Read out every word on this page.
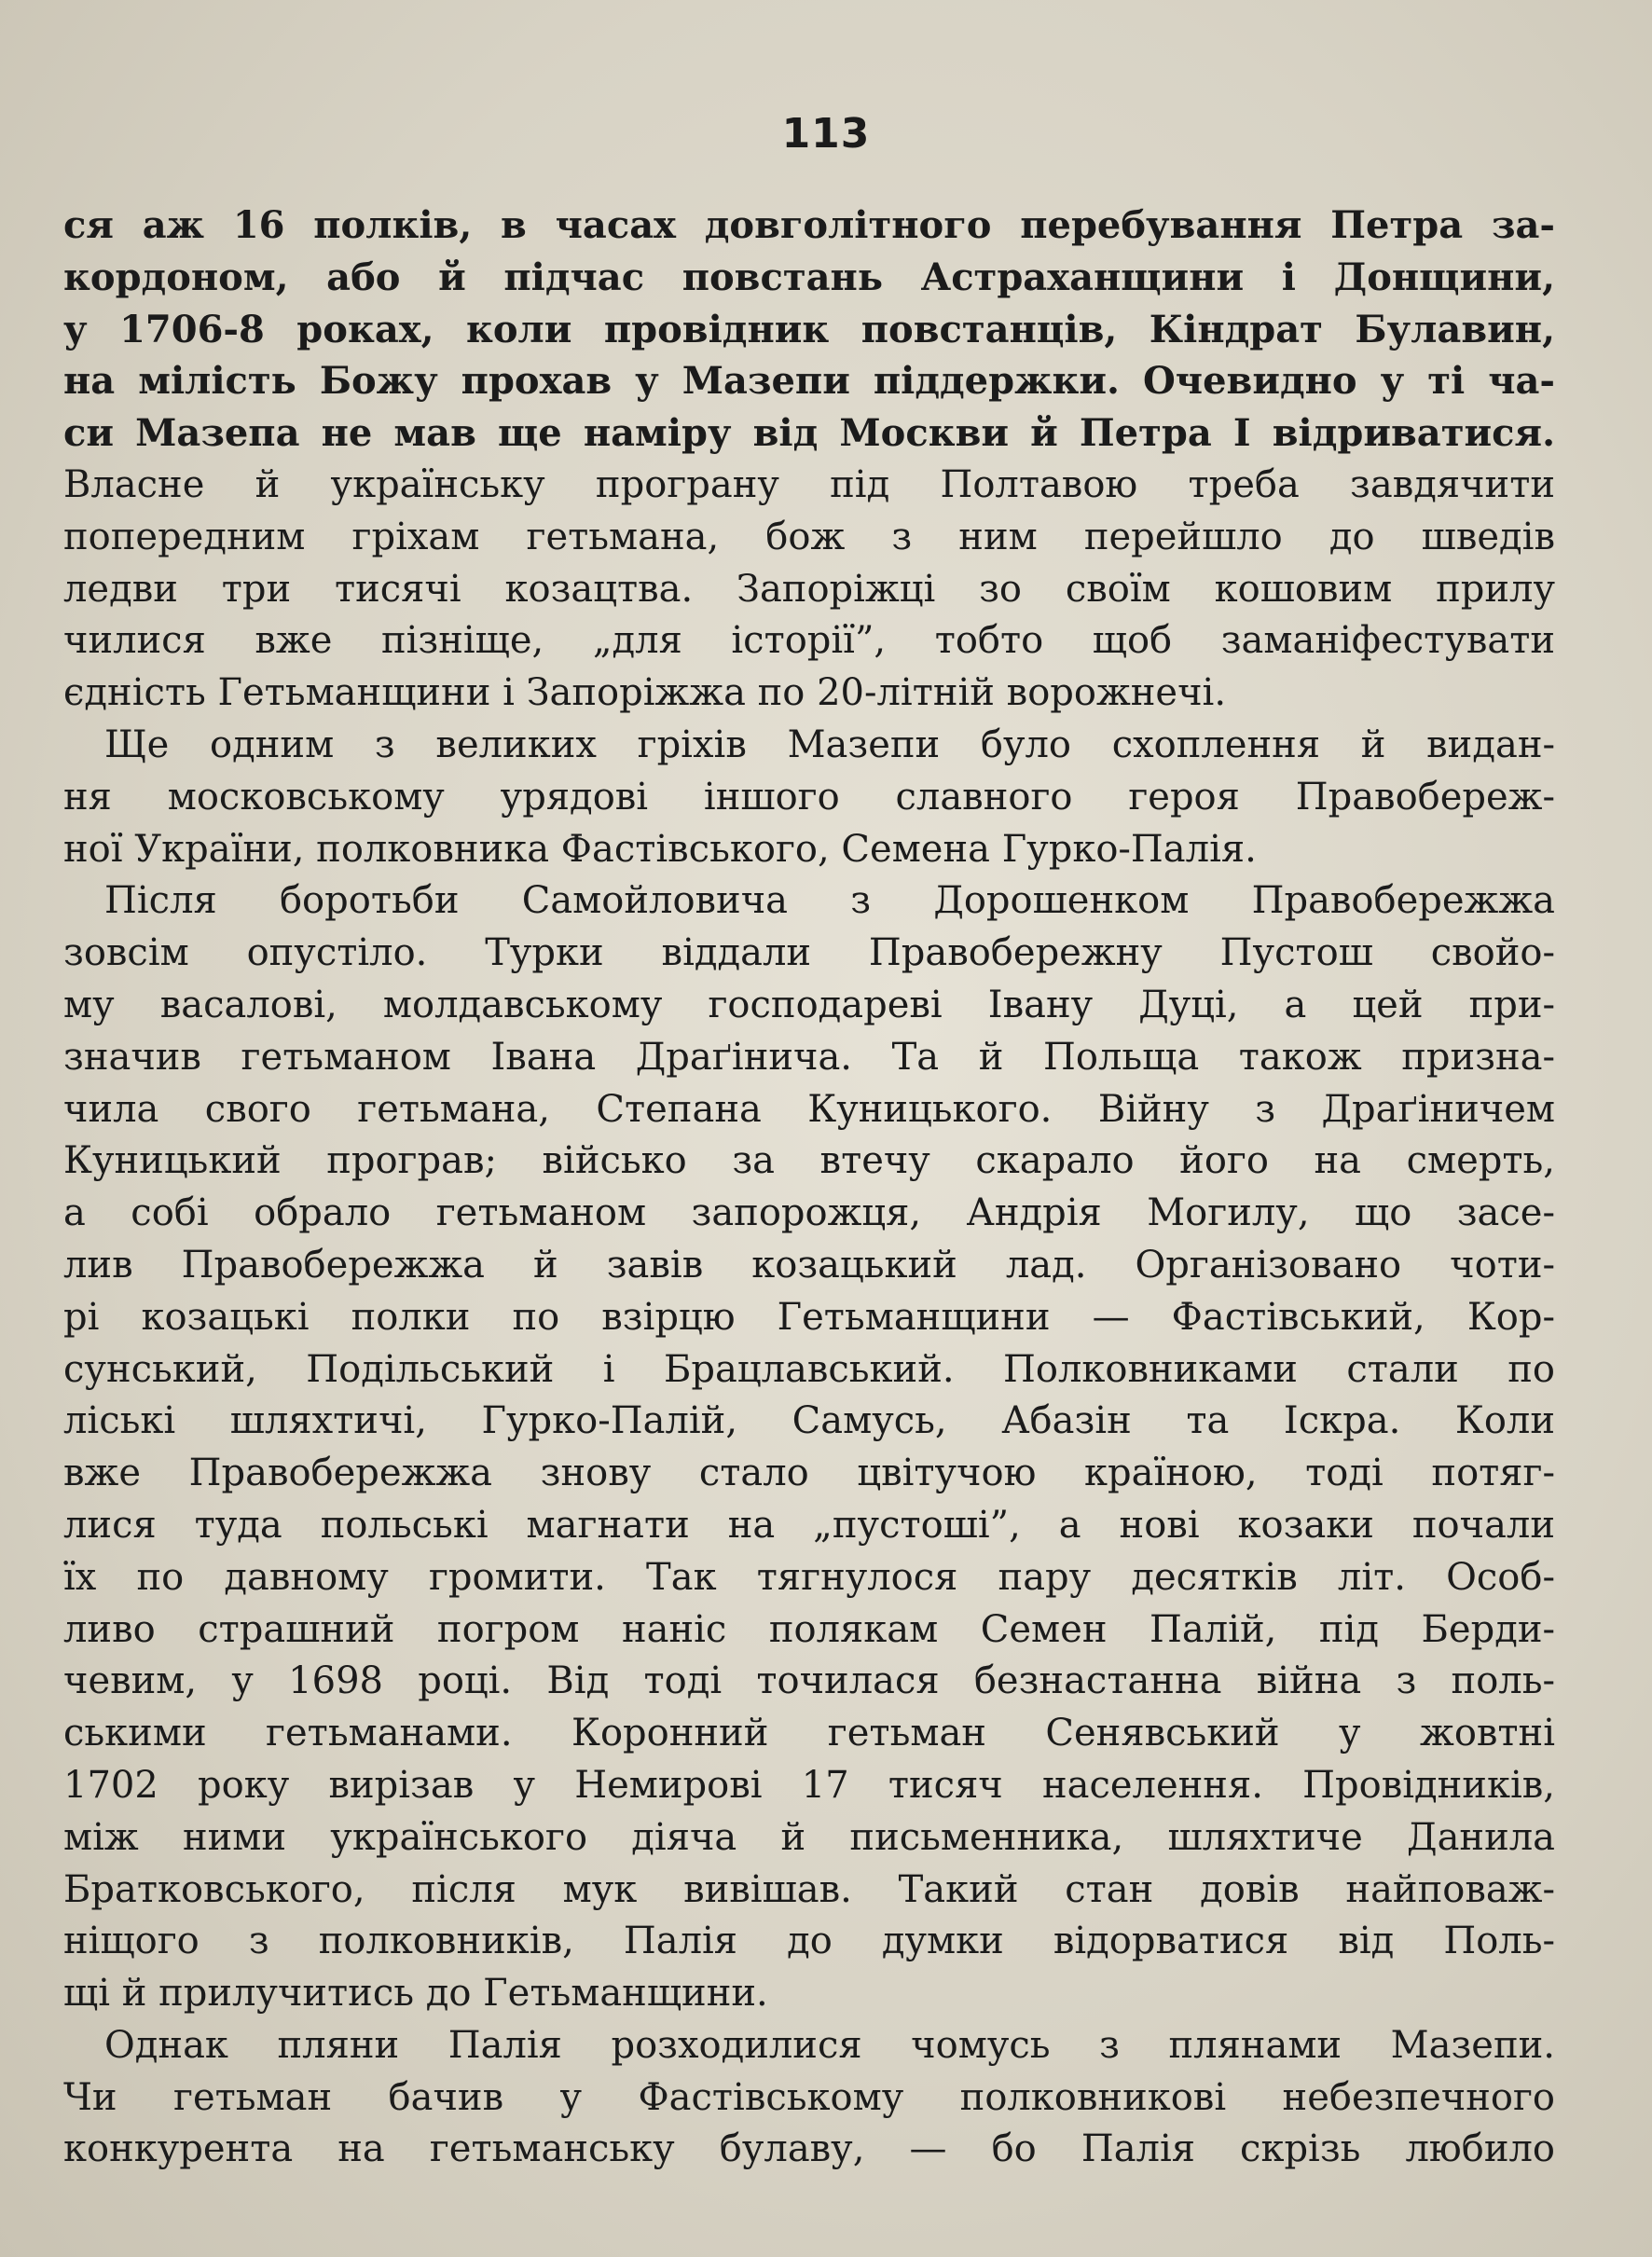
113
ся аж 16 полків, в часах довголітного перебування Петра за-
кордоном, або й підчас повстань Астраханщини і Донщини,
у 1706-8 роках, коли провідник повстанців, Кіндрат Булавин,
на мілість Божу прохав у Мазепи піддержки. Очевидно у ті ча-
си Мазепа не мав ще наміру від Москви й Петра І відриватися.
Власне й українську програну під Полтавою треба завдячити
попередним гріхам гетьмана, бож з ним перейшло до шведів
ледви три тисячі козацтва. Запоріжці зо своїм кошовим прилу
чилися вже пізніще, „для історії”, тобто щоб заманіфестувати
єдність Гетьманщини і Запоріжжа по 20-літній ворожнечі.
Ще одним з великих гріхів Мазепи було схоплення й видан-
ня московському урядові іншого славного героя Правобереж-
ної України, полковника Фастівського, Семена Гурко-Палія.
Після боротьби Самойловича з Дорошенком Правобережжа
зовсім опустіло. Турки віддали Правобережну Пустош свойо-
му васалові, молдавському господареві Івану Дуці, а цей при-
значив гетьманом Івана Драґінича. Та й Польща також призна-
чила свого гетьмана, Степана Куницького. Війну з Драґіничем
Куницький програв; військо за втечу скарало його на смерть,
а собі обрало гетьманом запорожця, Андрія Могилу, що засе-
лив Правобережжа й завів козацький лад. Організовано чоти-
рі козацькі полки по взірцю Гетьманщини — Фастівський, Кор-
сунський, Подільський і Брацлавський. Полковниками стали по
ліські шляхтичі, Гурко-Палій, Самусь, Абазін та Іскра. Коли
вже Правобережжа знову стало цвітучою країною, тоді потяг-
лися туда польські магнати на „пустоші”, а нові козаки почали
їх по давному громити. Так тягнулося пару десятків літ. Особ-
ливо страшний погром наніс полякам Семен Палій, під Берди-
чевим, у 1698 році. Від тоді точилася безнастанна війна з поль-
ськими гетьманами. Коронний гетьман Сенявський у жовтні
1702 року вирізав у Немирові 17 тисяч населення. Провідників,
між ними українського діяча й письменника, шляхтиче Данила
Братковського, після мук вивішав. Такий стан довів найповаж-
ніщого з полковників, Палія до думки відорватися від Поль-
щі й прилучитись до Гетьманщини.
Однак пляни Палія розходилися чомусь з плянами Мазепи.
Чи гетьман бачив у Фастівському полковникові небезпечного
конкурента на гетьманську булаву, — бо Палія скрізь любило
